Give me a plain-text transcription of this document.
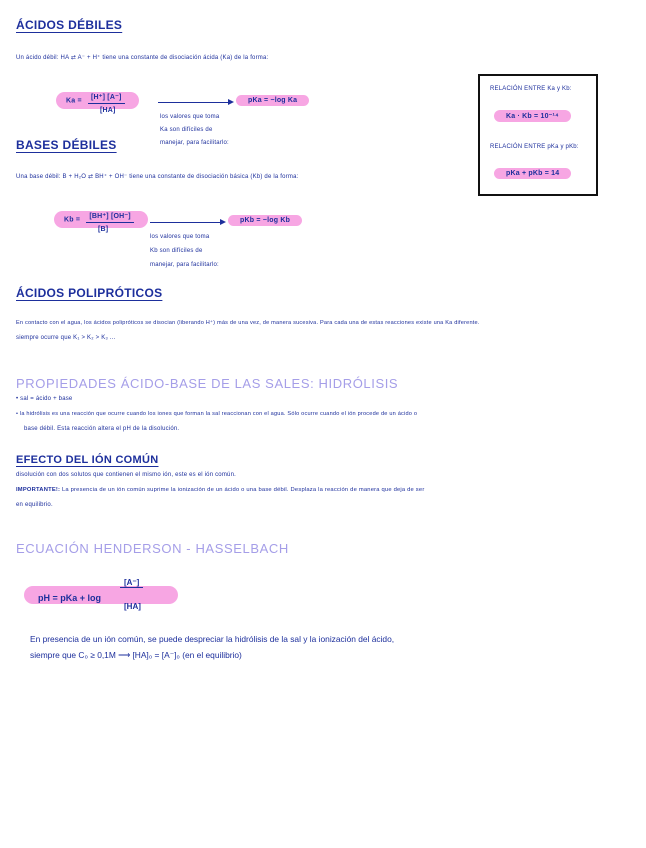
ÁCIDOS DÉBILES
Un ácido débil: HA ⇄ A⁻ + H⁺ tiene una constante de disociación ácida (Ka) de la forma:
Ka =	[H⁺] [A⁻]
[HA]
pKa = −log Ka
los valores que toma
Ka son difíciles de
manejar, para facilitarlo:
RELACIÓN ENTRE Ka y Kb:
Ka · Kb = 10⁻¹⁴
RELACIÓN ENTRE pKa y pKb:
pKa + pKb = 14
BASES DÉBILES
Una base débil: B + H₂O ⇄ BH⁺ + OH⁻ tiene una constante de disociación básica (Kb) de la forma:
Kb =	[BH⁺] [OH⁻]
[B]
pKb = −log Kb
los valores que toma
Kb son difíciles de
manejar, para facilitarlo:
ÁCIDOS POLIPRÓTICOS
En contacto con el agua, los ácidos polipróticos se disocian (liberando H⁺) más de una vez, de manera sucesiva. Para cada una de estas reacciones existe una Ka diferente.
siempre ocurre que K₁ > K₂ > K₃ ...
PROPIEDADES ÁCIDO-BASE DE LAS SALES: HIDRÓLISIS
• sal = ácido + base
• la hidrólisis es una reacción que ocurre cuando los iones que forman la sal reaccionan con el agua. Sólo ocurre cuando el ión procede de un ácido o
base débil. Esta reacción altera el pH de la disolución.
EFECTO DEL IÓN COMÚN
disolución con dos solutos que contienen el mismo ión, este es el ión común.
IMPORTANTE!: La presencia de un ión común suprime la ionización de un ácido o una base débil. Desplaza la reacción de manera que deja de ser
en equilibrio.
ECUACIÓN HENDERSON - HASSELBACH
pH = pKa + log
[A⁻]
[HA]
En presencia de un ión común, se puede despreciar la hidrólisis de la sal y la ionización del ácido,
siempre que C₀ ≥ 0,1M ⟶ [HA]₀ = [A⁻]₀ (en el equilibrio)
